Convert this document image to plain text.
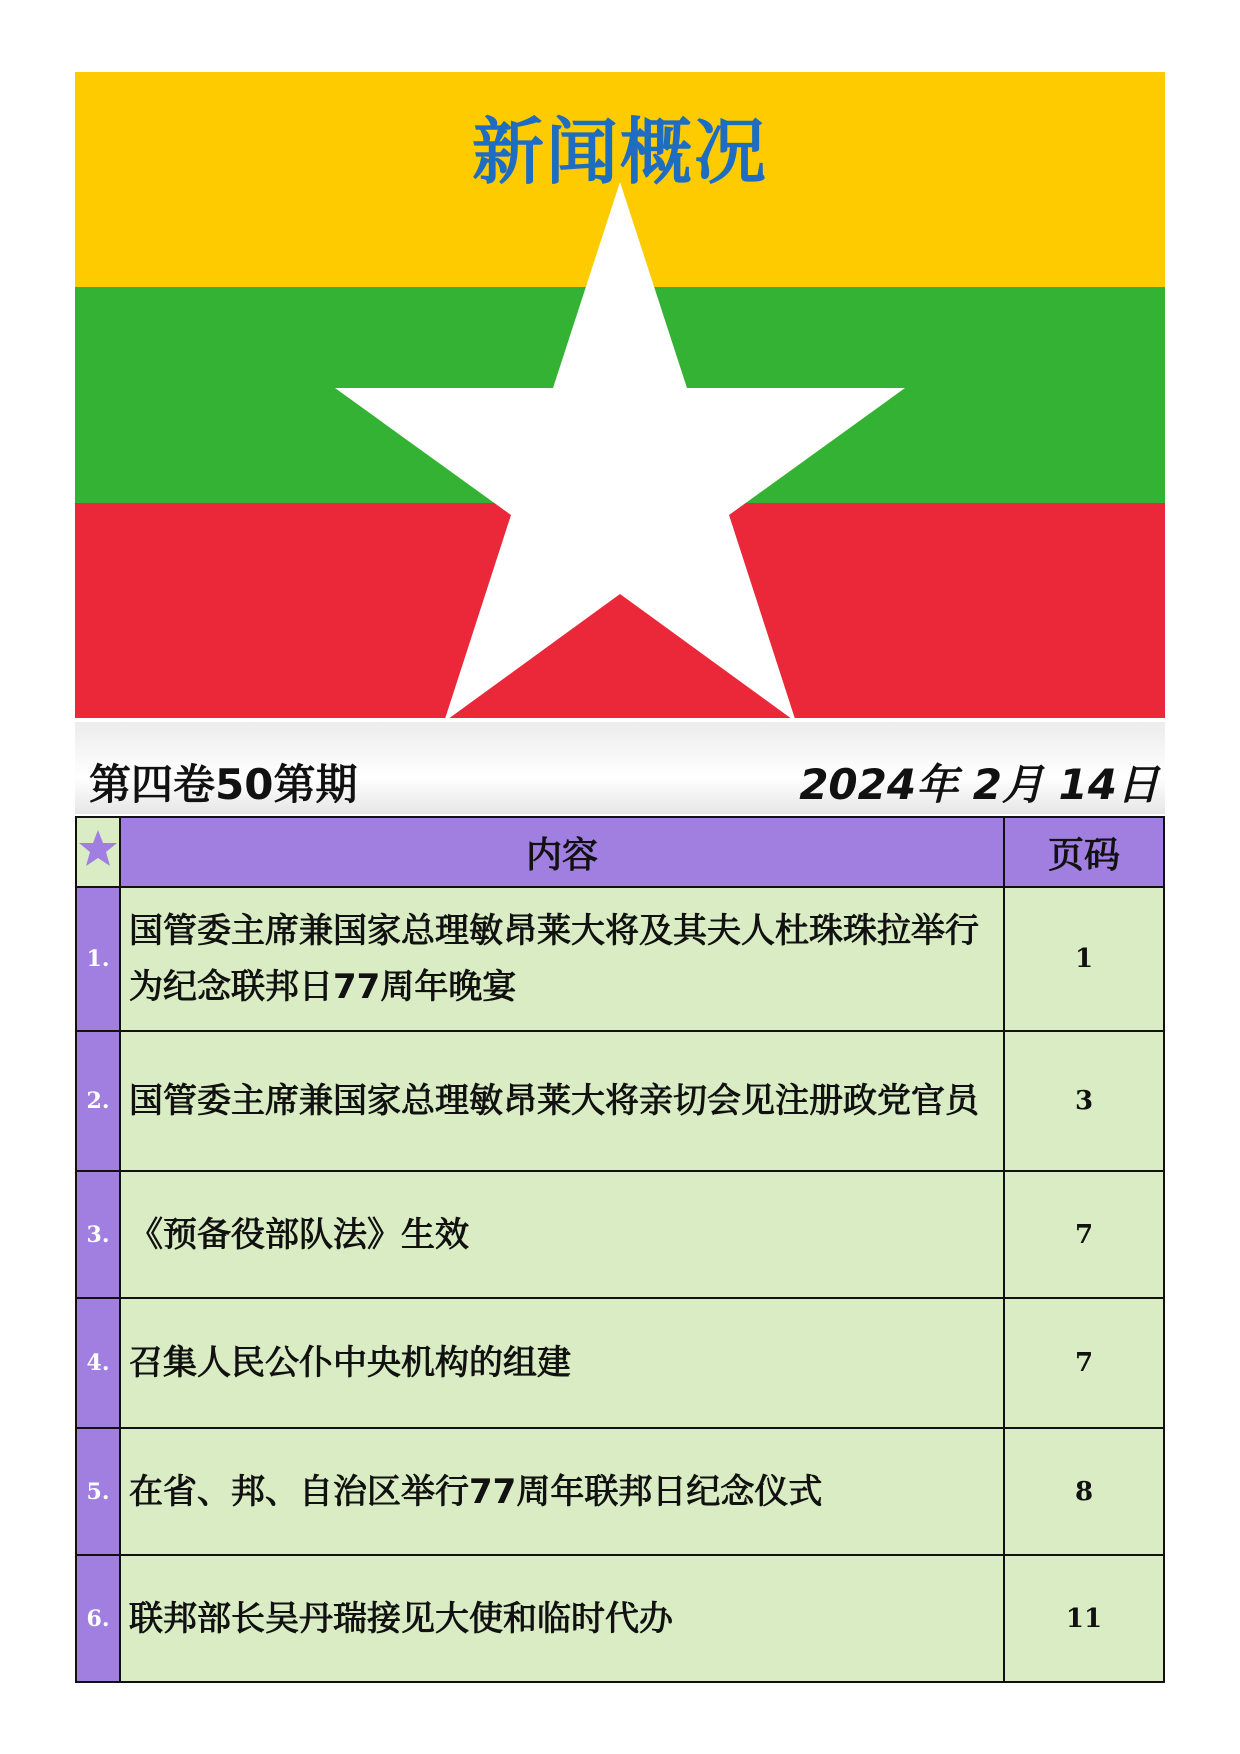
新闻概况
第四卷50第期	2024年 2月 14日
	内容	页码
1.	国管委主席兼国家总理敏昂莱大将及其夫人杜珠珠拉举行为纪念联邦日77周年晚宴	1
2.	国管委主席兼国家总理敏昂莱大将亲切会见注册政党官员	3
3.	《预备役部队法》生效	7
4.	召集人民公仆中央机构的组建	7
5.	在省、邦、自治区举行77周年联邦日纪念仪式	8
6.	联邦部长吴丹瑞接见大使和临时代办	11
